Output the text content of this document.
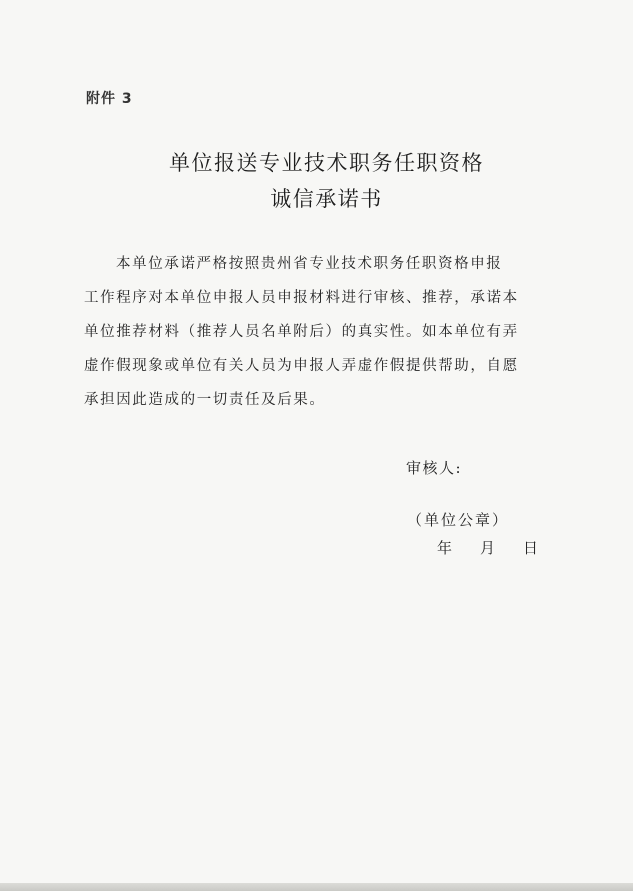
附件 3
单位报送专业技术职务任职资格
诚信承诺书
本单位承诺严格按照贵州省专业技术职务任职资格申报
工作程序对本单位申报人员申报材料进行审核、推荐，承诺本
单位推荐材料（推荐人员名单附后）的真实性。如本单位有弄
虚作假现象或单位有关人员为申报人弄虚作假提供帮助，自愿
承担因此造成的一切责任及后果。
审核人:
（单位公章）
年 月 日
